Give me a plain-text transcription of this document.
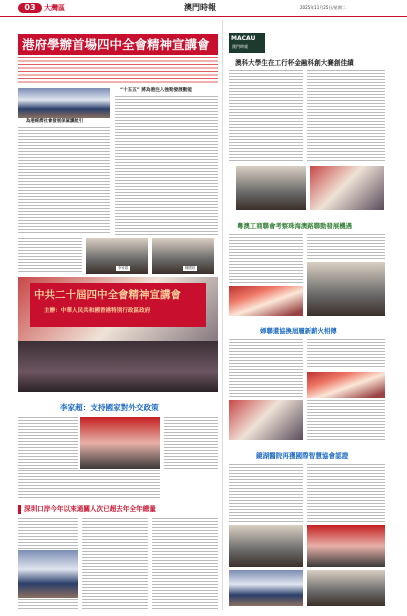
03	大灣區	澳門時報	2025年11月25日/星期二
港府學辦首場四中全會精神宣講會
為港經濟社會發展保駕護航引
“十五五” 將為港注入強勁發展動能
李家超	陳國基
中共二十屆四中全會精神宣講會
主辦：中華人民共和國香港特別行政區政府
李家超：支持國家對外交政策
深圳口岸今年以來通關人次已超去年全年總量
MACAU
澳門時報
澳科大學生在工行杯金融科創大賽創佳績
粵澳工商聯會考察珠海澳路聯動發展機遇
婦聯還協換屆履新薪火相傳
鏡湖醫院再獲國際智慧協會認證
